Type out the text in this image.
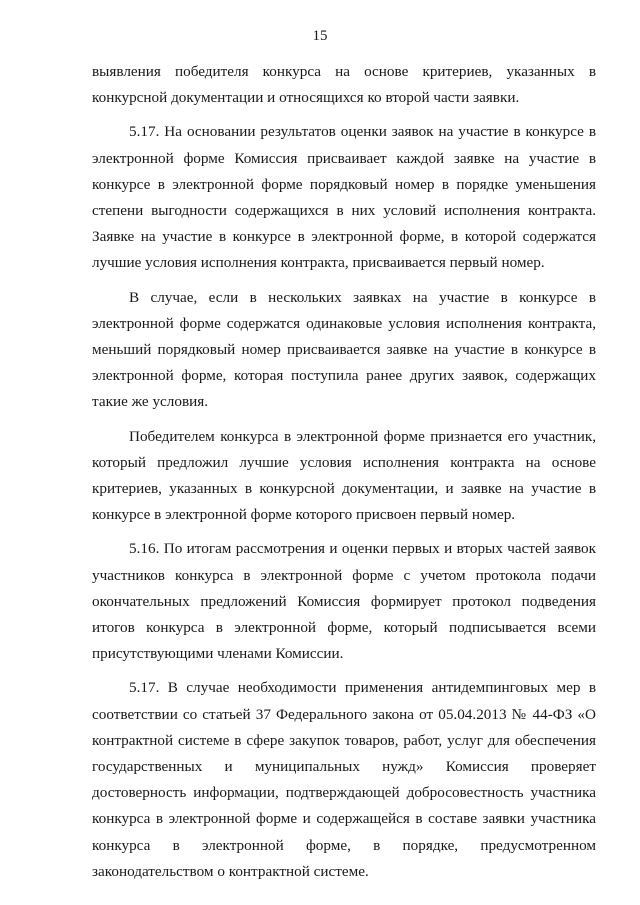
15
выявления победителя конкурса на основе критериев, указанных в
конкурсной документации и относящихся ко второй части заявки.
5.17. На основании результатов оценки заявок на участие в конкурсе в
электронной форме Комиссия присваивает каждой заявке на участие в
конкурсе в электронной форме порядковый номер в порядке уменьшения
степени выгодности содержащихся в них условий исполнения контракта.
Заявке на участие в конкурсе в электронной форме, в которой содержатся
лучшие условия исполнения контракта, присваивается первый номер.
В случае, если в нескольких заявках на участие в конкурсе в
электронной форме содержатся одинаковые условия исполнения контракта,
меньший порядковый номер присваивается заявке на участие в конкурсе в
электронной форме, которая поступила ранее других заявок, содержащих
такие же условия.
Победителем конкурса в электронной форме признается его участник,
который предложил лучшие условия исполнения контракта на основе
критериев, указанных в конкурсной документации, и заявке на участие в
конкурсе в электронной форме которого присвоен первый номер.
5.16. По итогам рассмотрения и оценки первых и вторых частей заявок
участников конкурса в электронной форме с учетом протокола подачи
окончательных предложений Комиссия формирует протокол подведения
итогов конкурса в электронной форме, который подписывается всеми
присутствующими членами Комиссии.
5.17. В случае необходимости применения антидемпинговых мер в
соответствии со статьей 37 Федерального закона от 05.04.2013 № 44-ФЗ «О
контрактной системе в сфере закупок товаров, работ, услуг для обеспечения
государственных и муниципальных нужд» Комиссия проверяет
достоверность информации, подтверждающей добросовестность участника
конкурса в электронной форме и содержащейся в составе заявки участника
конкурса в электронной форме, в порядке, предусмотренном
законодательством о контрактной системе.
